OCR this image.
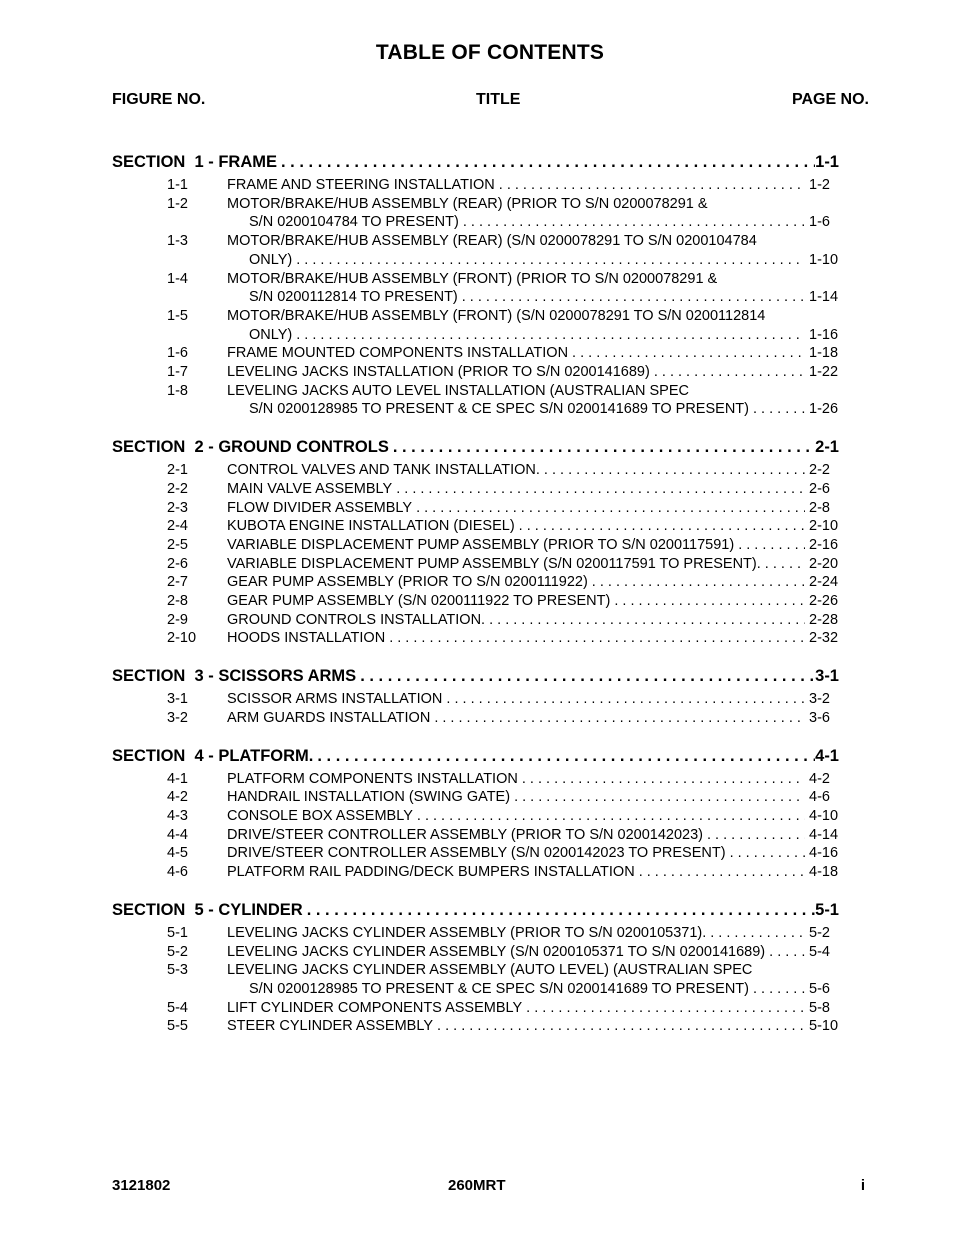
TABLE OF CONTENTS
FIGURE NO.	TITLE	PAGE NO.
SECTION  1 - FRAME . . .	1-1
1-1	FRAME AND STEERING INSTALLATION . . .	1-2
1-2	MOTOR/BRAKE/HUB ASSEMBLY (REAR) (PRIOR TO S/N 0200078291 &
S/N 0200104784 TO PRESENT) . . .	1-6
1-3	MOTOR/BRAKE/HUB ASSEMBLY (REAR) (S/N 0200078291 TO S/N 0200104784
ONLY) . . .	1-10
1-4	MOTOR/BRAKE/HUB ASSEMBLY (FRONT) (PRIOR TO S/N 0200078291 &
S/N 0200112814 TO PRESENT) . . .	1-14
1-5	MOTOR/BRAKE/HUB ASSEMBLY (FRONT) (S/N 0200078291 TO S/N 0200112814
ONLY) . . .	1-16
1-6	FRAME MOUNTED COMPONENTS INSTALLATION . . .	1-18
1-7	LEVELING JACKS INSTALLATION (PRIOR TO S/N 0200141689) . . .	1-22
1-8	LEVELING JACKS AUTO LEVEL INSTALLATION (AUSTRALIAN SPEC
S/N 0200128985 TO PRESENT & CE SPEC S/N 0200141689 TO PRESENT) . . .	1-26
SECTION  2 - GROUND CONTROLS . . .	2-1
2-1	CONTROL VALVES AND TANK INSTALLATION. . . .	2-2
2-2	MAIN VALVE ASSEMBLY . . .	2-6
2-3	FLOW DIVIDER ASSEMBLY . . .	2-8
2-4	KUBOTA ENGINE INSTALLATION (DIESEL) . . .	2-10
2-5	VARIABLE DISPLACEMENT PUMP ASSEMBLY (PRIOR TO S/N 0200117591) . . .	2-16
2-6	VARIABLE DISPLACEMENT PUMP ASSEMBLY (S/N 0200117591 TO PRESENT). . . .	2-20
2-7	GEAR PUMP ASSEMBLY (PRIOR TO S/N 0200111922) . . .	2-24
2-8	GEAR PUMP ASSEMBLY (S/N 0200111922 TO PRESENT) . . .	2-26
2-9	GROUND CONTROLS INSTALLATION. . . .	2-28
2-10 HOODS INSTALLATION . . .	2-32
SECTION  3 - SCISSORS ARMS . . .	3-1
3-1	SCISSOR ARMS INSTALLATION . . .	3-2
3-2	ARM GUARDS INSTALLATION . . .	3-6
SECTION  4 - PLATFORM. . . .	4-1
4-1	PLATFORM COMPONENTS INSTALLATION . . .	4-2
4-2	HANDRAIL INSTALLATION (SWING GATE) . . .	4-6
4-3	CONSOLE BOX ASSEMBLY . . .	4-10
4-4	DRIVE/STEER CONTROLLER ASSEMBLY (PRIOR TO S/N 0200142023) . . .	4-14
4-5	DRIVE/STEER CONTROLLER ASSEMBLY (S/N 0200142023 TO PRESENT) . . .	4-16
4-6	PLATFORM RAIL PADDING/DECK BUMPERS INSTALLATION . . .	4-18
SECTION  5 - CYLINDER . . .	5-1
5-1	LEVELING JACKS CYLINDER ASSEMBLY (PRIOR TO S/N 0200105371). . . .	5-2
5-2	LEVELING JACKS CYLINDER ASSEMBLY (S/N 0200105371 TO S/N 0200141689) . . .	5-4
5-3	LEVELING JACKS CYLINDER ASSEMBLY (AUTO LEVEL) (AUSTRALIAN SPEC
S/N 0200128985 TO PRESENT & CE SPEC S/N 0200141689 TO PRESENT) . . .	5-6
5-4	LIFT CYLINDER COMPONENTS ASSEMBLY . . .	5-8
5-5	STEER CYLINDER ASSEMBLY . . .	5-10
3121802	260MRT	i
